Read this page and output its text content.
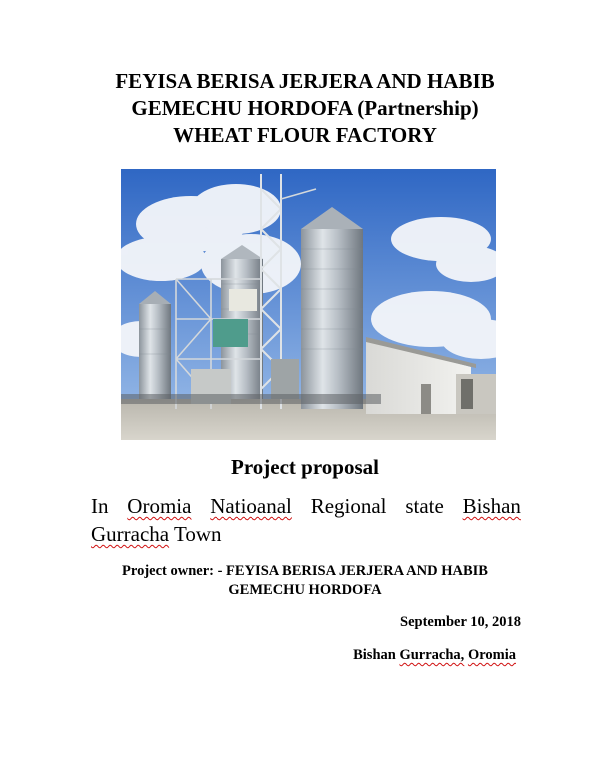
FEYISA BERISA JERJERA AND HABIB
GEMECHU HORDOFA (Partnership)
WHEAT FLOUR FACTORY
Project proposal
In Oromia Natioanal Regional state Bishan
Gurracha Town
Project owner: - FEYISA BERISA JERJERA AND HABIB
GEMECHU HORDOFA
September 10, 2018
Bishan Gurracha, Oromia
